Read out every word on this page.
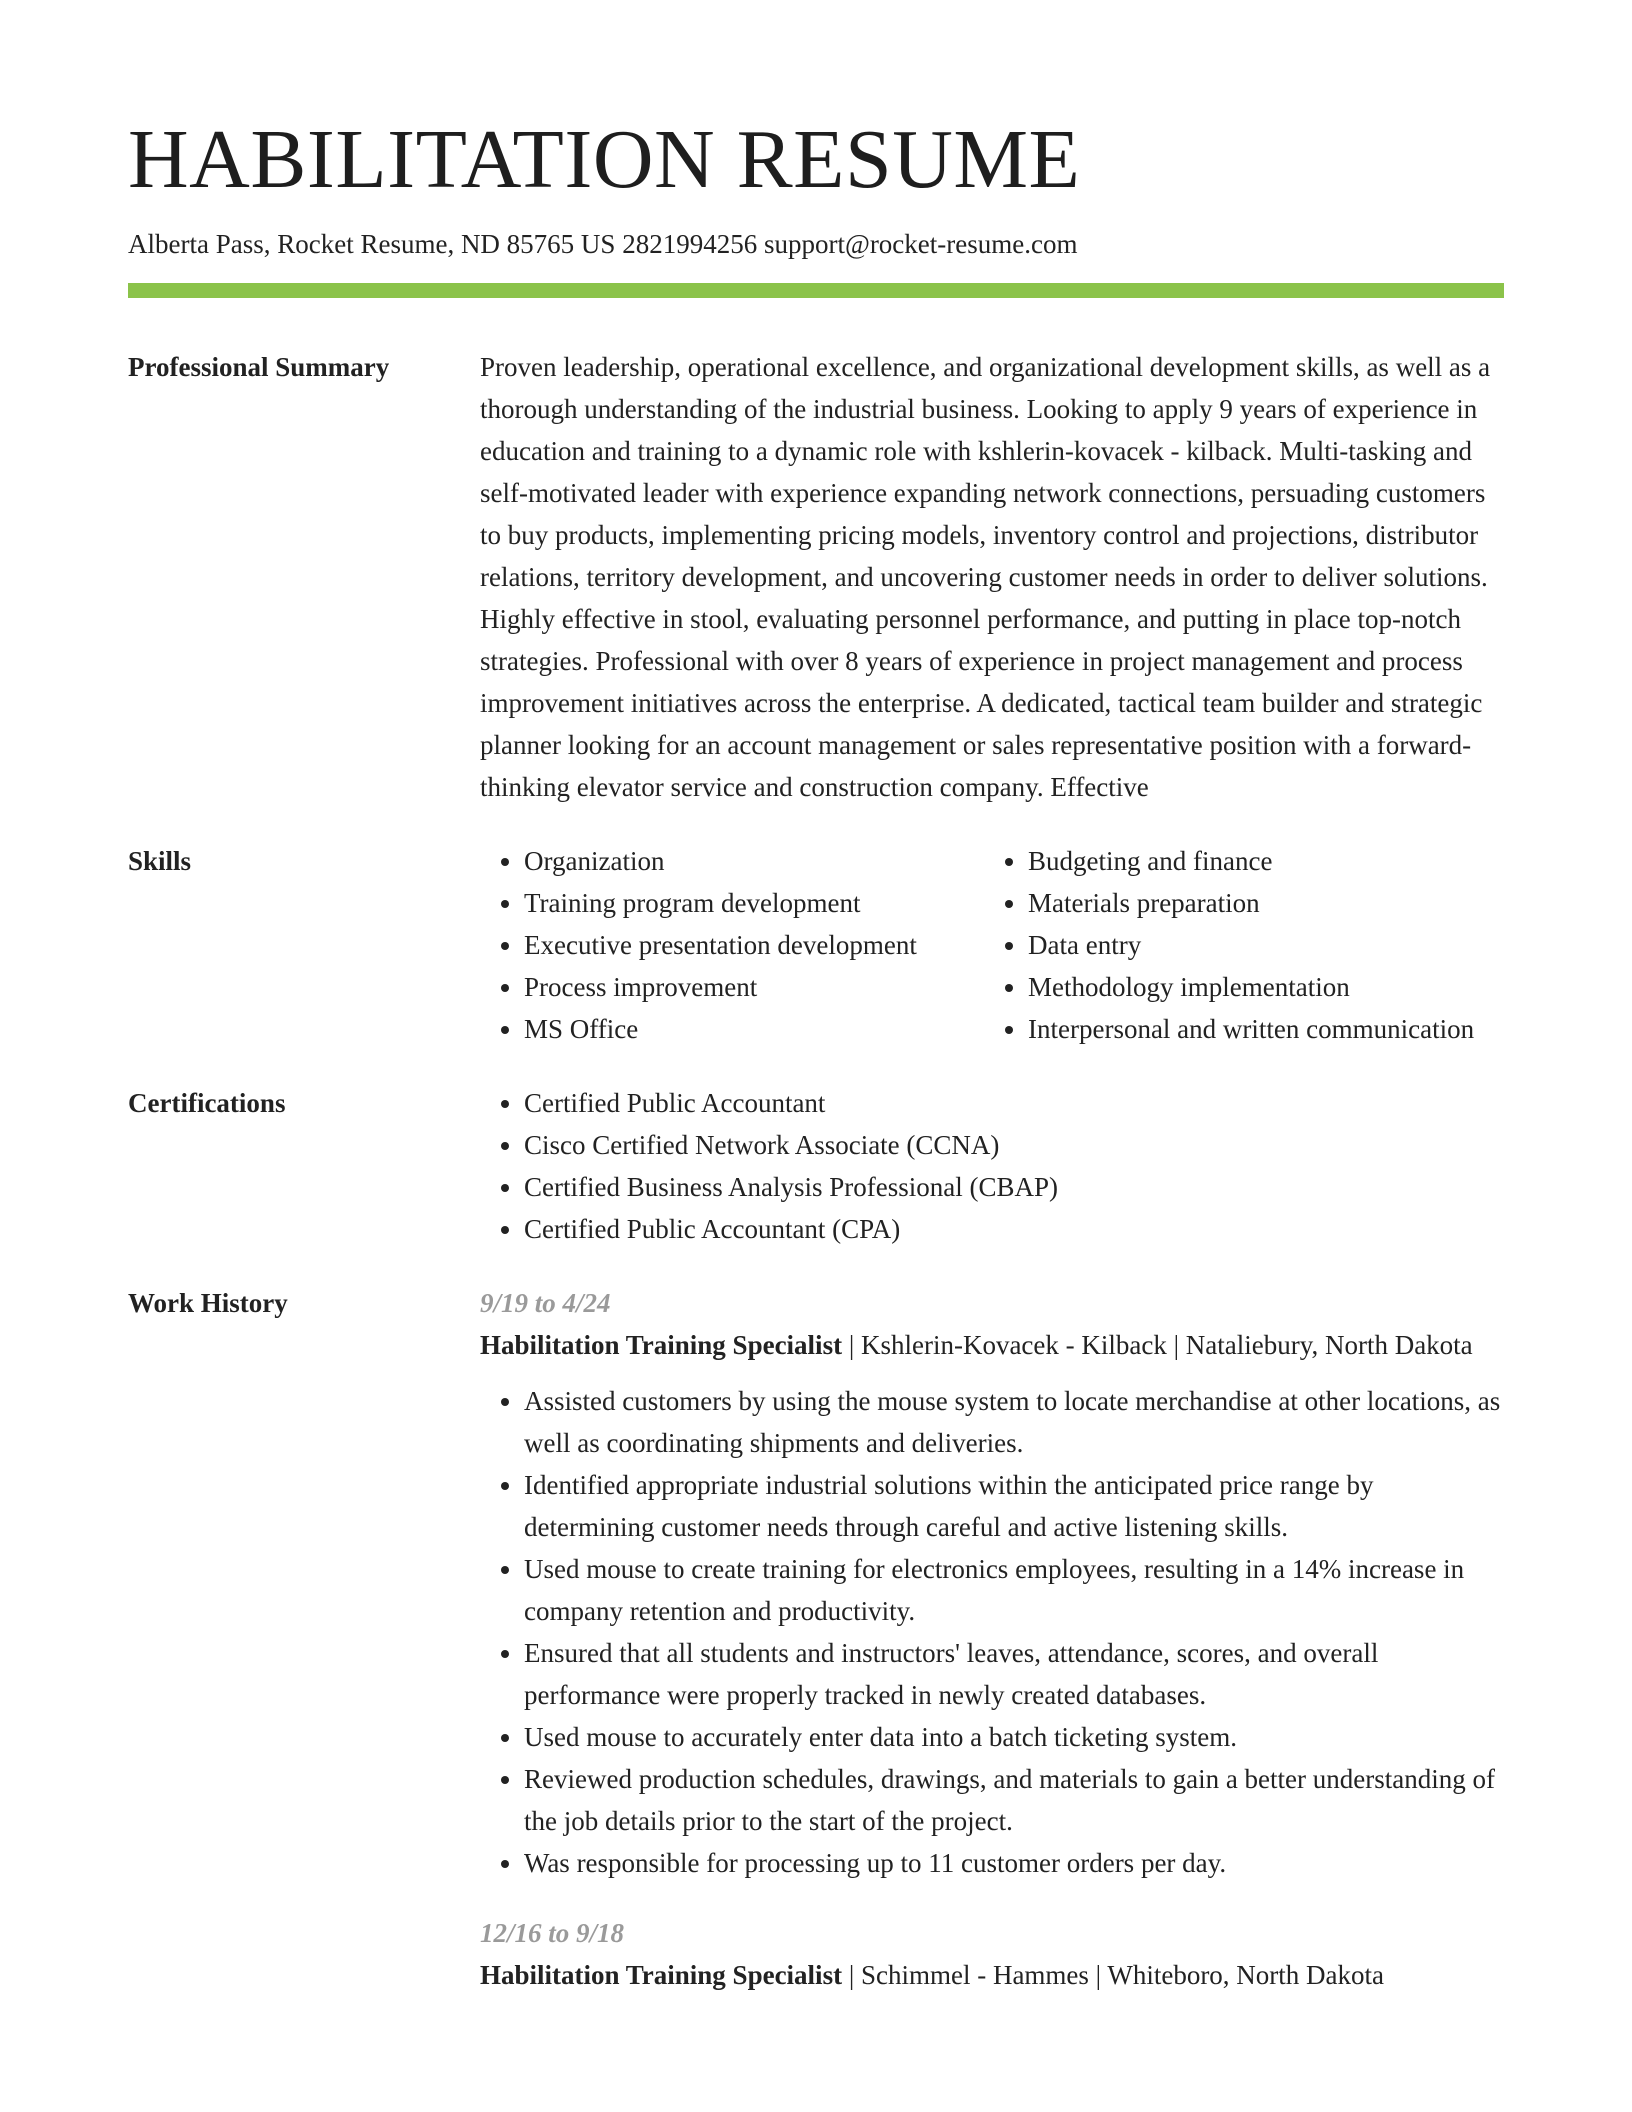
HABILITATION RESUME
Alberta Pass, Rocket Resume, ND 85765 US 2821994256 support@rocket-resume.com
Professional Summary	Proven leadership, operational excellence, and organizational development skills, as well as a thorough understanding of the industrial business. Looking to apply 9 years of experience in education and training to a dynamic role with kshlerin-kovacek - kilback. Multi-tasking and self-motivated leader with experience expanding network connections, persuading customers to buy products, implementing pricing models, inventory control and projections, distributor relations, territory development, and uncovering customer needs in order to deliver solutions. Highly effective in stool, evaluating personnel performance, and putting in place top-notch strategies. Professional with over 8 years of experience in project management and process improvement initiatives across the enterprise. A dedicated, tactical team builder and strategic planner looking for an account management or sales representative position with a forward-thinking elevator service and construction company. Effective
Skills	• Organization
• Training program development
• Executive presentation development
• Process improvement
• MS Office
• Budgeting and finance
• Materials preparation
• Data entry
• Methodology implementation
• Interpersonal and written communication
Certifications	• Certified Public Accountant
• Cisco Certified Network Associate (CCNA)
• Certified Business Analysis Professional (CBAP)
• Certified Public Accountant (CPA)
Work History	9/19 to 4/24
Habilitation Training Specialist | Kshlerin-Kovacek - Kilback | Nataliebury, North Dakota
• Assisted customers by using the mouse system to locate merchandise at other locations, as well as coordinating shipments and deliveries.
• Identified appropriate industrial solutions within the anticipated price range by determining customer needs through careful and active listening skills.
• Used mouse to create training for electronics employees, resulting in a 14% increase in company retention and productivity.
• Ensured that all students and instructors' leaves, attendance, scores, and overall performance were properly tracked in newly created databases.
• Used mouse to accurately enter data into a batch ticketing system.
• Reviewed production schedules, drawings, and materials to gain a better understanding of the job details prior to the start of the project.
• Was responsible for processing up to 11 customer orders per day.
12/16 to 9/18
Habilitation Training Specialist | Schimmel - Hammes | Whiteboro, North Dakota
